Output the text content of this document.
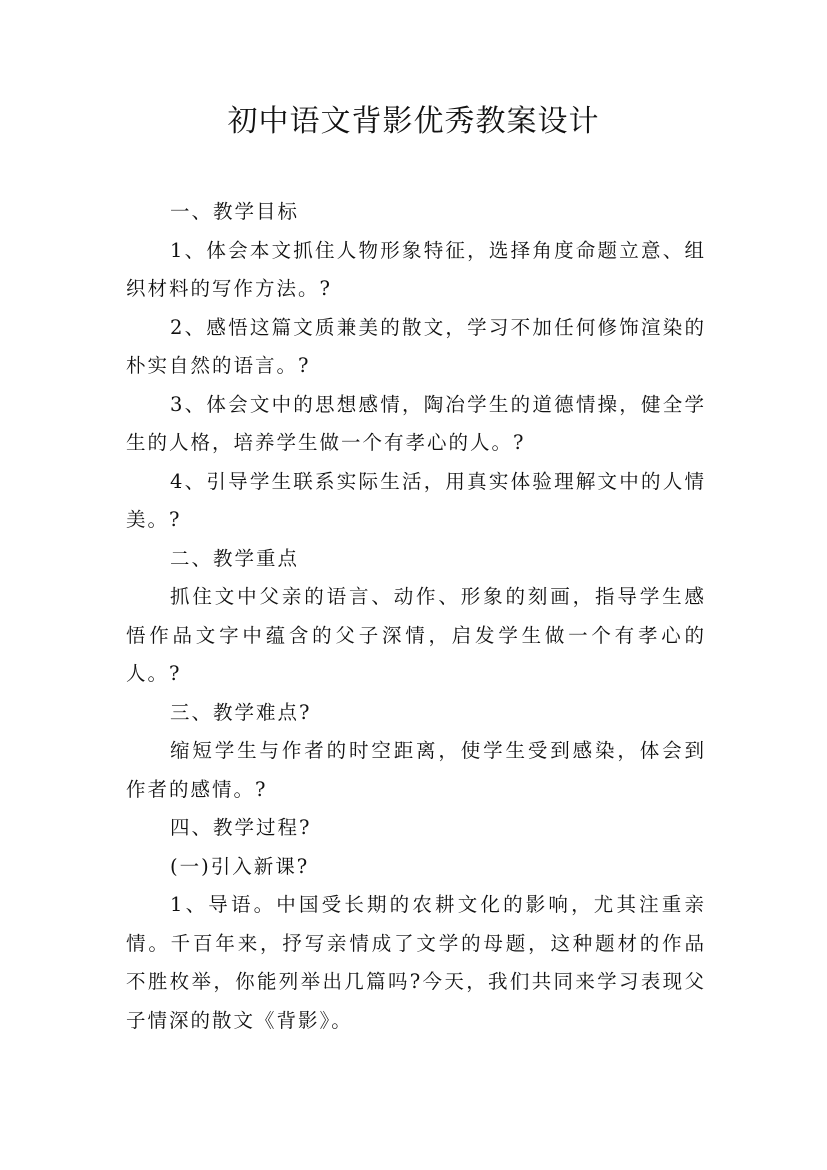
初中语文背影优秀教案设计

一、教学目标

1、体会本文抓住人物形象特征，选择角度命题立意、组织材料的写作方法。?

2、感悟这篇文质兼美的散文，学习不加任何修饰渲染的朴实自然的语言。?

3、体会文中的思想感情，陶冶学生的道德情操，健全学生的人格，培养学生做一个有孝心的人。?

4、引导学生联系实际生活，用真实体验理解文中的人情美。?

二、教学重点

抓住文中父亲的语言、动作、形象的刻画，指导学生感悟作品文字中蕴含的父子深情，启发学生做一个有孝心的人。?

三、教学难点?

缩短学生与作者的时空距离，使学生受到感染，体会到作者的感情。?

四、教学过程?

(一)引入新课?

1、导语。中国受长期的农耕文化的影响，尤其注重亲情。千百年来，抒写亲情成了文学的母题，这种题材的作品不胜枚举，你能列举出几篇吗?今天，我们共同来学习表现父子情深的散文《背影》。
